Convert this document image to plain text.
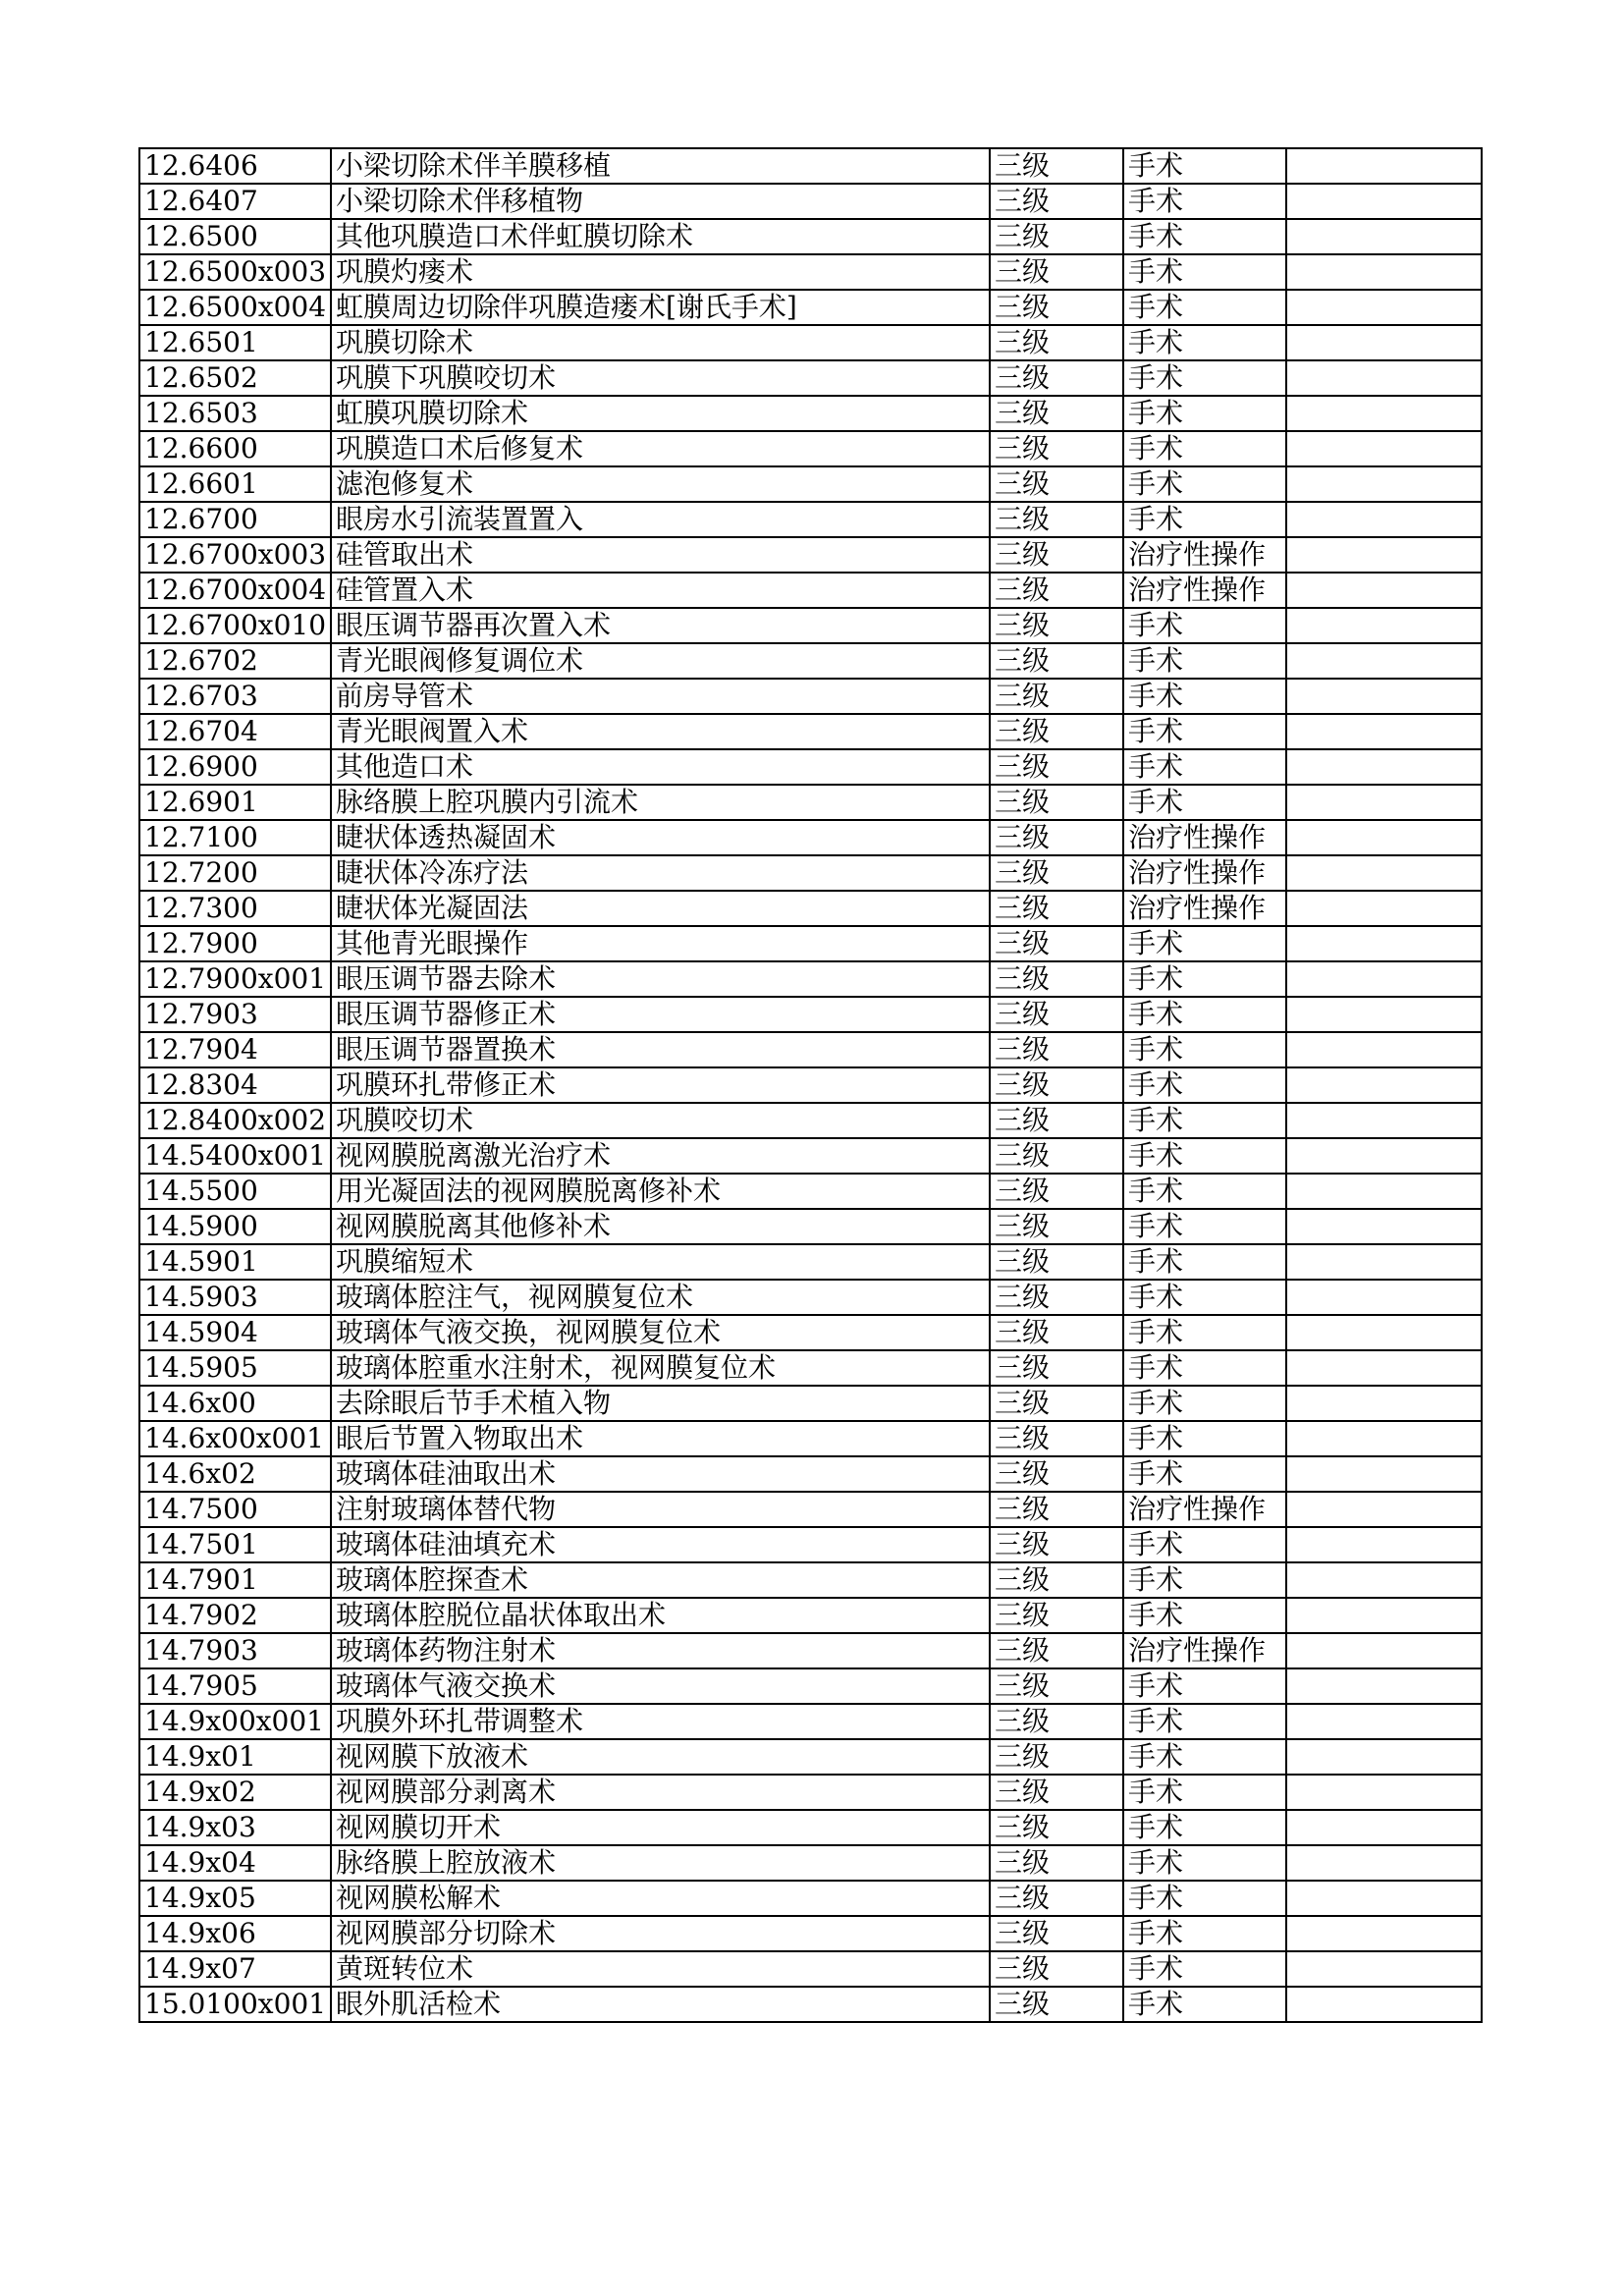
12.6406	小梁切除术伴羊膜移植	三级	手术	
12.6407	小梁切除术伴移植物	三级	手术	
12.6500	其他巩膜造口术伴虹膜切除术	三级	手术	
12.6500x003	巩膜灼瘘术	三级	手术	
12.6500x004	虹膜周边切除伴巩膜造瘘术[谢氏手术]	三级	手术	
12.6501	巩膜切除术	三级	手术	
12.6502	巩膜下巩膜咬切术	三级	手术	
12.6503	虹膜巩膜切除术	三级	手术	
12.6600	巩膜造口术后修复术	三级	手术	
12.6601	滤泡修复术	三级	手术	
12.6700	眼房水引流装置置入	三级	手术	
12.6700x003	硅管取出术	三级	治疗性操作	
12.6700x004	硅管置入术	三级	治疗性操作	
12.6700x010	眼压调节器再次置入术	三级	手术	
12.6702	青光眼阀修复调位术	三级	手术	
12.6703	前房导管术	三级	手术	
12.6704	青光眼阀置入术	三级	手术	
12.6900	其他造口术	三级	手术	
12.6901	脉络膜上腔巩膜内引流术	三级	手术	
12.7100	睫状体透热凝固术	三级	治疗性操作	
12.7200	睫状体冷冻疗法	三级	治疗性操作	
12.7300	睫状体光凝固法	三级	治疗性操作	
12.7900	其他青光眼操作	三级	手术	
12.7900x001	眼压调节器去除术	三级	手术	
12.7903	眼压调节器修正术	三级	手术	
12.7904	眼压调节器置换术	三级	手术	
12.8304	巩膜环扎带修正术	三级	手术	
12.8400x002	巩膜咬切术	三级	手术	
14.5400x001	视网膜脱离激光治疗术	三级	手术	
14.5500	用光凝固法的视网膜脱离修补术	三级	手术	
14.5900	视网膜脱离其他修补术	三级	手术	
14.5901	巩膜缩短术	三级	手术	
14.5903	玻璃体腔注气，视网膜复位术	三级	手术	
14.5904	玻璃体气液交换，视网膜复位术	三级	手术	
14.5905	玻璃体腔重水注射术，视网膜复位术	三级	手术	
14.6x00	去除眼后节手术植入物	三级	手术	
14.6x00x001	眼后节置入物取出术	三级	手术	
14.6x02	玻璃体硅油取出术	三级	手术	
14.7500	注射玻璃体替代物	三级	治疗性操作	
14.7501	玻璃体硅油填充术	三级	手术	
14.7901	玻璃体腔探查术	三级	手术	
14.7902	玻璃体腔脱位晶状体取出术	三级	手术	
14.7903	玻璃体药物注射术	三级	治疗性操作	
14.7905	玻璃体气液交换术	三级	手术	
14.9x00x001	巩膜外环扎带调整术	三级	手术	
14.9x01	视网膜下放液术	三级	手术	
14.9x02	视网膜部分剥离术	三级	手术	
14.9x03	视网膜切开术	三级	手术	
14.9x04	脉络膜上腔放液术	三级	手术	
14.9x05	视网膜松解术	三级	手术	
14.9x06	视网膜部分切除术	三级	手术	
14.9x07	黄斑转位术	三级	手术	
15.0100x001	眼外肌活检术	三级	手术	
